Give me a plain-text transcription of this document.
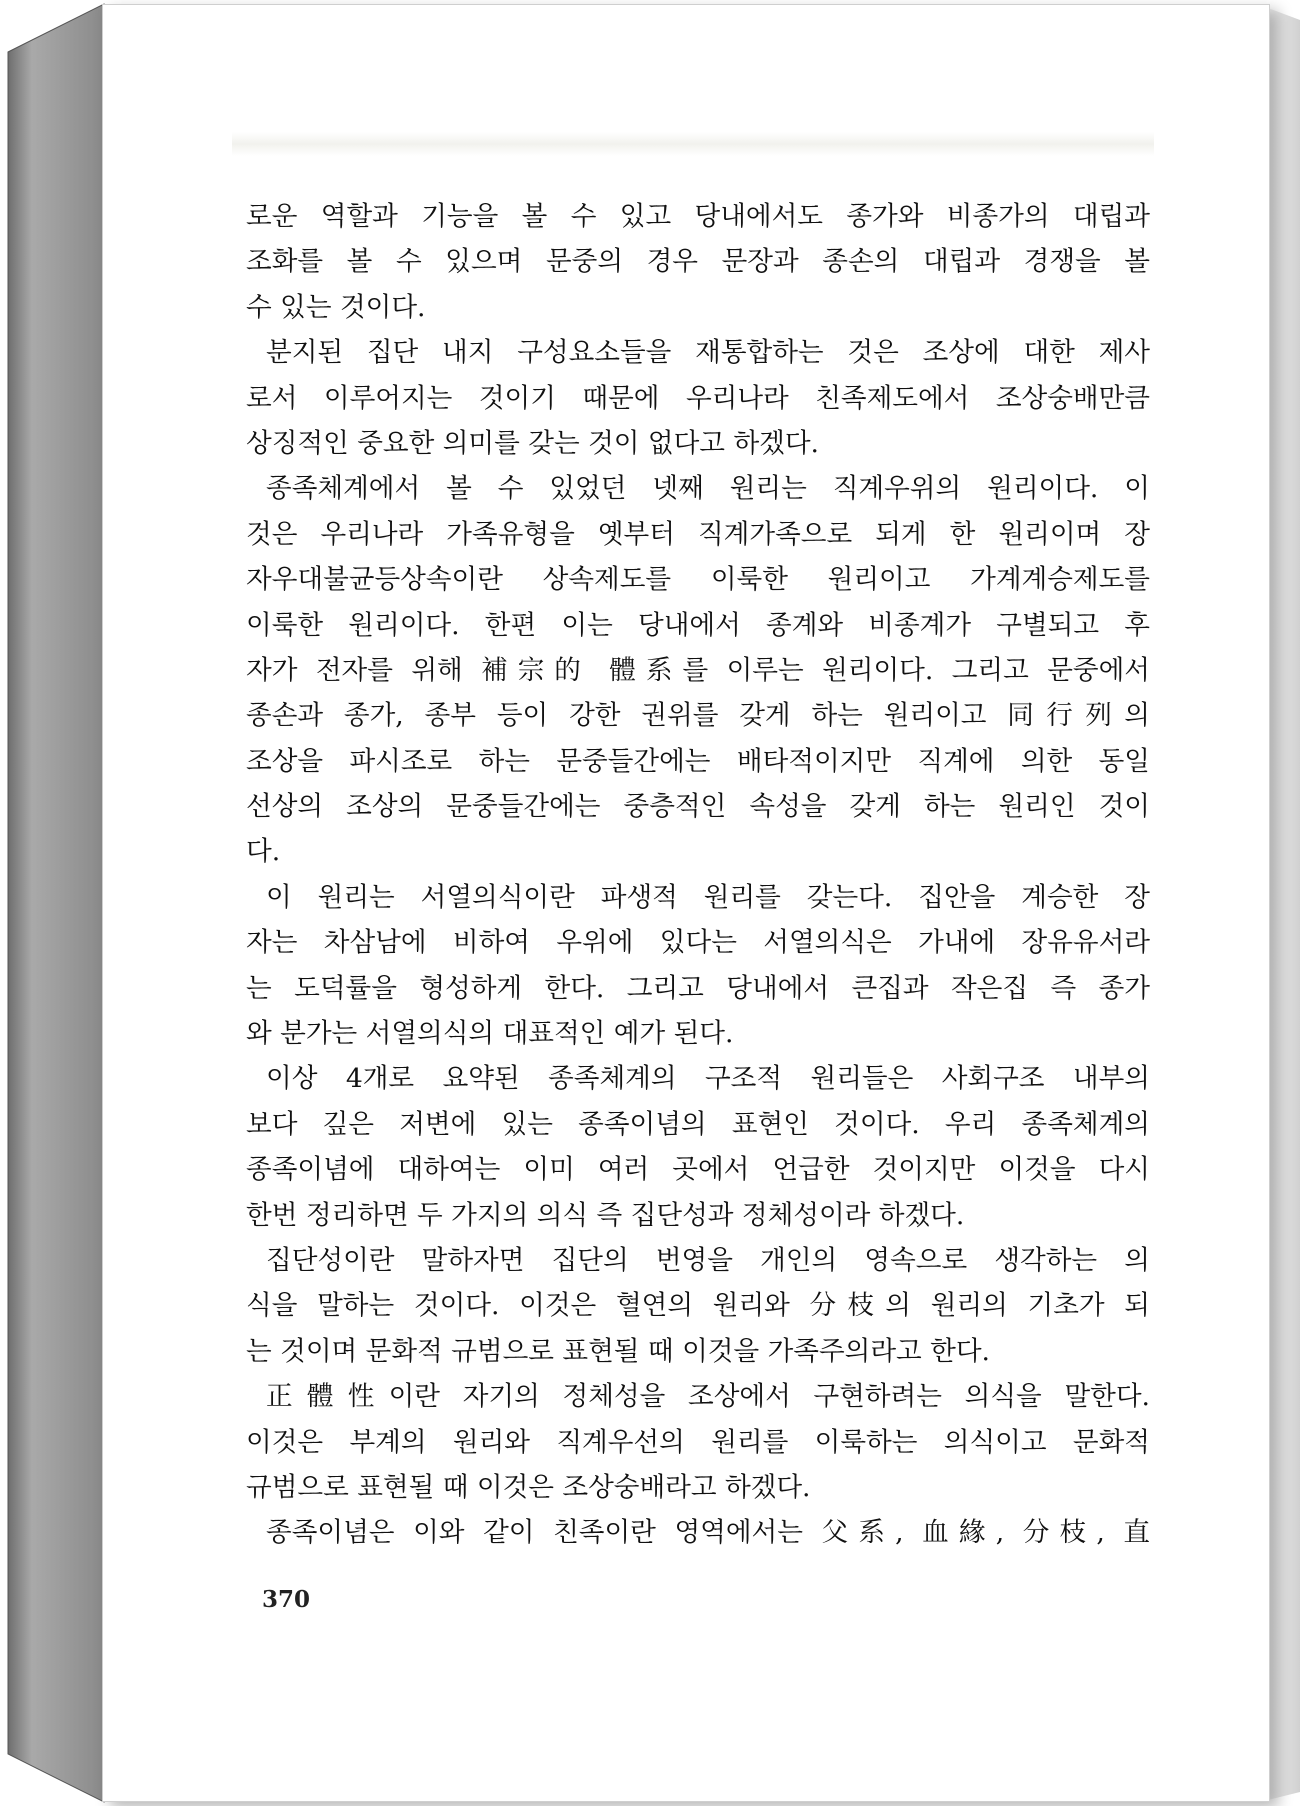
로운 역할과 기능을 볼 수 있고 당내에서도 종가와 비종가의 대립과
조화를 볼 수 있으며 문중의 경우 문장과 종손의 대립과 경쟁을 볼
수 있는 것이다.
분지된 집단 내지 구성요소들을 재통합하는 것은 조상에 대한 제사
로서 이루어지는 것이기 때문에 우리나라 친족제도에서 조상숭배만큼
상징적인 중요한 의미를 갖는 것이 없다고 하겠다.
종족체계에서 볼 수 있었던 넷째 원리는 직계우위의 원리이다. 이
것은 우리나라 가족유형을 옛부터 직계가족으로 되게 한 원리이며 장
자우대불균등상속이란 상속제도를 이룩한 원리이고 가계계승제도를
이룩한 원리이다. 한편 이는 당내에서 종계와 비종계가 구별되고 후
자가 전자를 위해 補宗的 體系를 이루는 원리이다. 그리고 문중에서
종손과 종가, 종부 등이 강한 권위를 갖게 하는 원리이고 同行列의
조상을 파시조로 하는 문중들간에는 배타적이지만 직계에 의한 동일
선상의 조상의 문중들간에는 중층적인 속성을 갖게 하는 원리인 것이
다.
이 원리는 서열의식이란 파생적 원리를 갖는다. 집안을 계승한 장
자는 차삼남에 비하여 우위에 있다는 서열의식은 가내에 장유유서라
는 도덕률을 형성하게 한다. 그리고 당내에서 큰집과 작은집 즉 종가
와 분가는 서열의식의 대표적인 예가 된다.
이상 4개로 요약된 종족체계의 구조적 원리들은 사회구조 내부의
보다 깊은 저변에 있는 종족이념의 표현인 것이다. 우리 종족체계의
종족이념에 대하여는 이미 여러 곳에서 언급한 것이지만 이것을 다시
한번 정리하면 두 가지의 의식 즉 집단성과 정체성이라 하겠다.
집단성이란 말하자면 집단의 번영을 개인의 영속으로 생각하는 의
식을 말하는 것이다. 이것은 혈연의 원리와 分枝의 원리의 기초가 되
는 것이며 문화적 규범으로 표현될 때 이것을 가족주의라고 한다.
正體性이란 자기의 정체성을 조상에서 구현하려는 의식을 말한다.
이것은 부계의 원리와 직계우선의 원리를 이룩하는 의식이고 문화적
규범으로 표현될 때 이것은 조상숭배라고 하겠다.
종족이념은 이와 같이 친족이란 영역에서는 父系, 血緣, 分枝, 直
370
